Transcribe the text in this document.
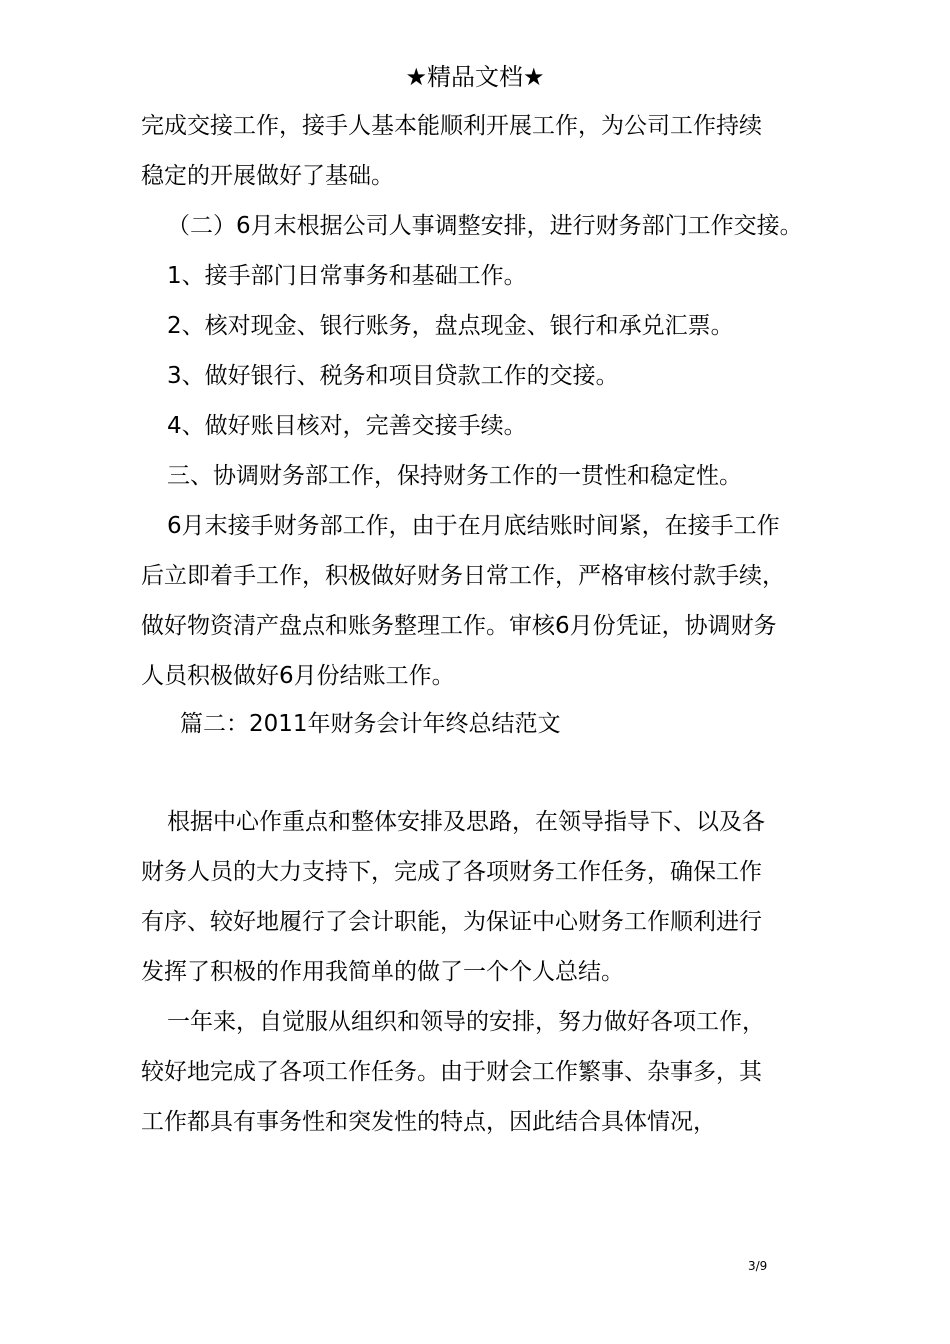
★精品文档★
完成交接工作，接手人基本能顺利开展工作，为公司工作持续
稳定的开展做好了基础。
（二）6月末根据公司人事调整安排，进行财务部门工作交接。
1、接手部门日常事务和基础工作。
2、核对现金、银行账务，盘点现金、银行和承兑汇票。
3、做好银行、税务和项目贷款工作的交接。
4、做好账目核对，完善交接手续。
三、协调财务部工作，保持财务工作的一贯性和稳定性。
6月末接手财务部工作，由于在月底结账时间紧，在接手工作
后立即着手工作，积极做好财务日常工作，严格审核付款手续，
做好物资清产盘点和账务整理工作。审核6月份凭证，协调财务
人员积极做好6月份结账工作。
篇二：2011年财务会计年终总结范文
根据中心作重点和整体安排及思路，在领导指导下、以及各
财务人员的大力支持下，完成了各项财务工作任务，确保工作
有序、较好地履行了会计职能，为保证中心财务工作顺利进行
发挥了积极的作用我简单的做了一个个人总结。
一年来，自觉服从组织和领导的安排，努力做好各项工作，
较好地完成了各项工作任务。由于财会工作繁事、杂事多，其
工作都具有事务性和突发性的特点，因此结合具体情况，
3/9
